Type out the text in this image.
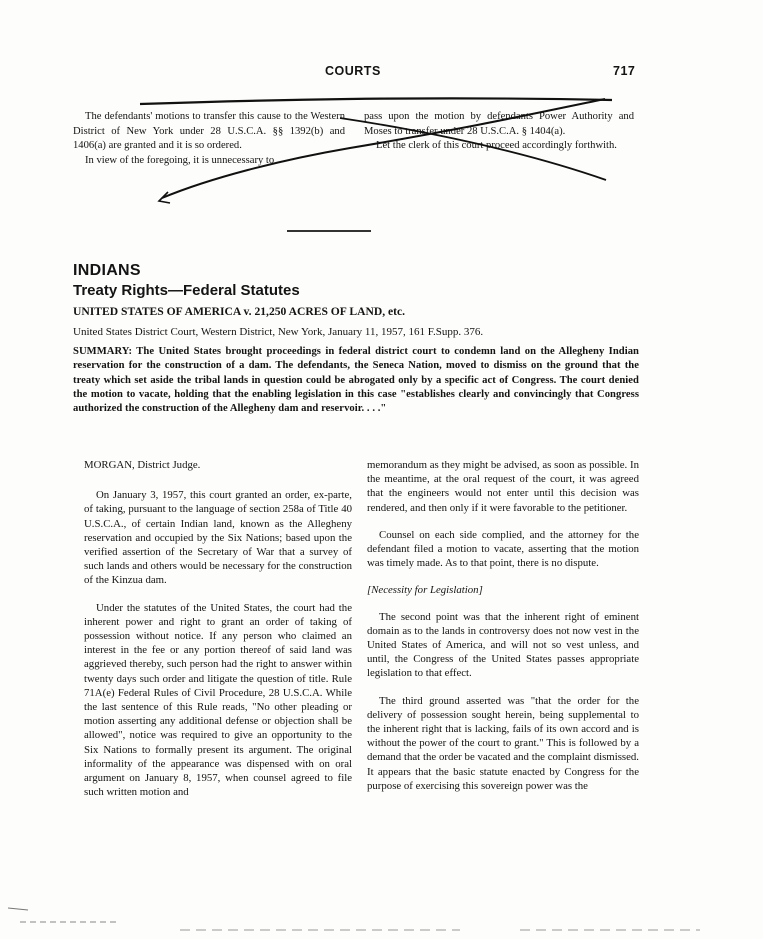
COURTS	717

The defendants' motions to transfer this cause to the Western District of New York under 28 U.S.C.A. §§ 1392(b) and 1406(a) are granted and it is so ordered.

In view of the foregoing, it is unnecessary to

pass upon the motion by defendants Power Authority and Moses to transfer under 28 U.S.C.A. § 1404(a).

Let the clerk of this court proceed accordingly forthwith.

INDIANS
Treaty Rights—Federal Statutes
UNITED STATES OF AMERICA v. 21,250 ACRES OF LAND, etc.
United States District Court, Western District, New York, January 11, 1957, 161 F.Supp. 376.
SUMMARY: The United States brought proceedings in federal district court to condemn land on the Allegheny Indian reservation for the construction of a dam. The defendants, the Seneca Nation, moved to dismiss on the ground that the treaty which set aside the tribal lands in question could be abrogated only by a specific act of Congress. The court denied the motion to vacate, holding that the enabling legislation in this case "establishes clearly and convincingly that Congress authorized the construction of the Allegheny dam and reservoir. . . ."

MORGAN, District Judge.

On January 3, 1957, this court granted an order, ex-parte, of taking, pursuant to the language of section 258a of Title 40 U.S.C.A., of certain Indian land, known as the Allegheny reservation and occupied by the Six Nations; based upon the verified assertion of the Secretary of War that a survey of such lands and others would be necessary for the construction of the Kinzua dam.

Under the statutes of the United States, the court had the inherent power and right to grant an order of taking of possession without notice. If any person who claimed an interest in the fee or any portion thereof of said land was aggrieved thereby, such person had the right to answer within twenty days such order and litigate the question of title. Rule 71A(e) Federal Rules of Civil Procedure, 28 U.S.C.A. While the last sentence of this Rule reads, "No other pleading or motion asserting any additional defense or objection shall be allowed", notice was required to give an opportunity to the Six Nations to formally present its argument. The original informality of the appearance was dispensed with on oral argument on January 8, 1957, when counsel agreed to file such written motion and

memorandum as they might be advised, as soon as possible. In the meantime, at the oral request of the court, it was agreed that the engineers would not enter until this decision was rendered, and then only if it were favorable to the petitioner.

Counsel on each side complied, and the attorney for the defendant filed a motion to vacate, asserting that the motion was timely made. As to that point, there is no dispute.

[Necessity for Legislation]

The second point was that the inherent right of eminent domain as to the lands in controversy does not now vest in the United States of America, and will not so vest unless, and until, the Congress of the United States passes appropriate legislation to that effect.

The third ground asserted was "that the order for the delivery of possession sought herein, being supplemental to the inherent right that is lacking, fails of its own accord and is without the power of the court to grant." This is followed by a demand that the order be vacated and the complaint dismissed. It appears that the basic statute enacted by Congress for the purpose of exercising this sovereign power was the
